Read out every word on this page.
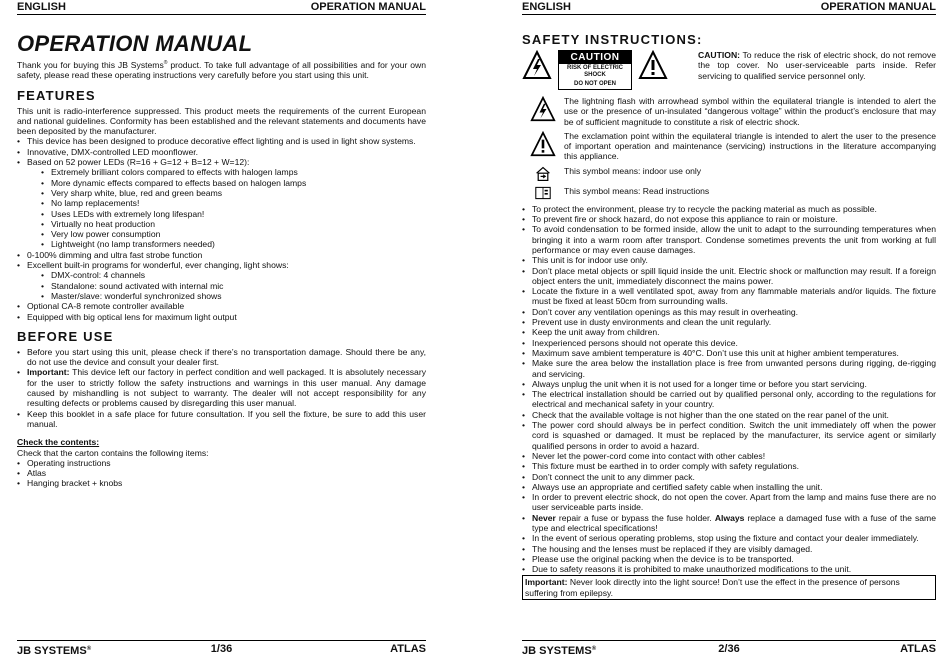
ENGLISH	OPERATION MANUAL
OPERATION MANUAL

Thank you for buying this JB Systems® product. To take full advantage of all possibilities and for your own safety, please read these operating instructions very carefully before you start using this unit.

FEATURES

This unit is radio-interference suppressed. This product meets the requirements of the current European and national guidelines. Conformity has been established and the relevant statements and documents have been deposited by the manufacturer.

• This device has been designed to produce decorative effect lighting and is used in light show systems.
• Innovative, DMX-controlled LED moonflower.
• Based on 52 power LEDs (R=16 + G=12 + B=12 + W=12):
• Extremely brilliant colors compared to effects with halogen lamps
• More dynamic effects compared to effects based on halogen lamps
• Very sharp white, blue, red and green beams
• No lamp replacements!
• Uses LEDs with extremely long lifespan!
• Virtually no heat production
• Very low power consumption
• Lightweight (no lamp transformers needed)
• 0-100% dimming and ultra fast strobe function
• Excellent built-in programs for wonderful, ever changing, light shows:
• DMX-control: 4 channels
• Standalone: sound activated with internal mic
• Master/slave: wonderful synchronized shows
• Optional CA-8 remote controller available
• Equipped with big optical lens for maximum light output
BEFORE USE
• Before you start using this unit, please check if there’s no transportation damage. Should there be any, do not use the device and consult your dealer first.
• Important: This device left our factory in perfect condition and well packaged. It is absolutely necessary for the user to strictly follow the safety instructions and warnings in this user manual. Any damage caused by mishandling is not subject to warranty. The dealer will not accept responsibility for any resulting defects or problems caused by disregarding this user manual.
• Keep this booklet in a safe place for future consultation. If you sell the fixture, be sure to add this user manual.
Check the contents:

Check that the carton contains the following items:

• Operating instructions
• Atlas
• Hanging bracket + knobs
JB SYSTEMS®	1/36	ATLAS
ENGLISH	OPERATION MANUAL
SAFETY INSTRUCTIONS:
CAUTION
RISK OF ELECTRIC SHOCK
DO NOT OPEN
CAUTION: To reduce the risk of electric shock, do not remove the top cover. No user-serviceable parts inside. Refer servicing to qualified service personnel only.
The lightning flash with arrowhead symbol within the equilateral triangle is intended to alert the use or the presence of un-insulated “dangerous voltage” within the product’s enclosure that may be of sufficient magnitude to constitute a risk of electric shock.
The exclamation point within the equilateral triangle is intended to alert the user to the presence of important operation and maintenance (servicing) instructions in the literature accompanying this appliance.
This symbol means: indoor use only
This symbol means: Read instructions
• To protect the environment, please try to recycle the packing material as much as possible.
• To prevent fire or shock hazard, do not expose this appliance to rain or moisture.
• To avoid condensation to be formed inside, allow the unit to adapt to the surrounding temperatures when bringing it into a warm room after transport. Condense sometimes prevents the unit from working at full performance or may even cause damages.
• This unit is for indoor use only.
• Don’t place metal objects or spill liquid inside the unit. Electric shock or malfunction may result. If a foreign object enters the unit, immediately disconnect the mains power.
• Locate the fixture in a well ventilated spot, away from any flammable materials and/or liquids. The fixture must be fixed at least 50cm from surrounding walls.
• Don’t cover any ventilation openings as this may result in overheating.
• Prevent use in dusty environments and clean the unit regularly.
• Keep the unit away from children.
• Inexperienced persons should not operate this device.
• Maximum save ambient temperature is 40°C. Don’t use this unit at higher ambient temperatures.
• Make sure the area below the installation place is free from unwanted persons during rigging, de-rigging and servicing.
• Always unplug the unit when it is not used for a longer time or before you start servicing.
• The electrical installation should be carried out by qualified personal only, according to the regulations for electrical and mechanical safety in your country.
• Check that the available voltage is not higher than the one stated on the rear panel of the unit.
• The power cord should always be in perfect condition. Switch the unit immediately off when the power cord is squashed or damaged. It must be replaced by the manufacturer, its service agent or similarly qualified persons in order to avoid a hazard.
• Never let the power-cord come into contact with other cables!
• This fixture must be earthed in to order comply with safety regulations.
• Don’t connect the unit to any dimmer pack.
• Always use an appropriate and certified safety cable when installing the unit.
• In order to prevent electric shock, do not open the cover. Apart from the lamp and mains fuse there are no user serviceable parts inside.
• Never repair a fuse or bypass the fuse holder. Always replace a damaged fuse with a fuse of the same type and electrical specifications!
• In the event of serious operating problems, stop using the fixture and contact your dealer immediately.
• The housing and the lenses must be replaced if they are visibly damaged.
• Please use the original packing when the device is to be transported.
• Due to safety reasons it is prohibited to make unauthorized modifications to the unit.
Important: Never look directly into the light source! Don’t use the effect in the presence of persons suffering from epilepsy.
JB SYSTEMS®	2/36	ATLAS
